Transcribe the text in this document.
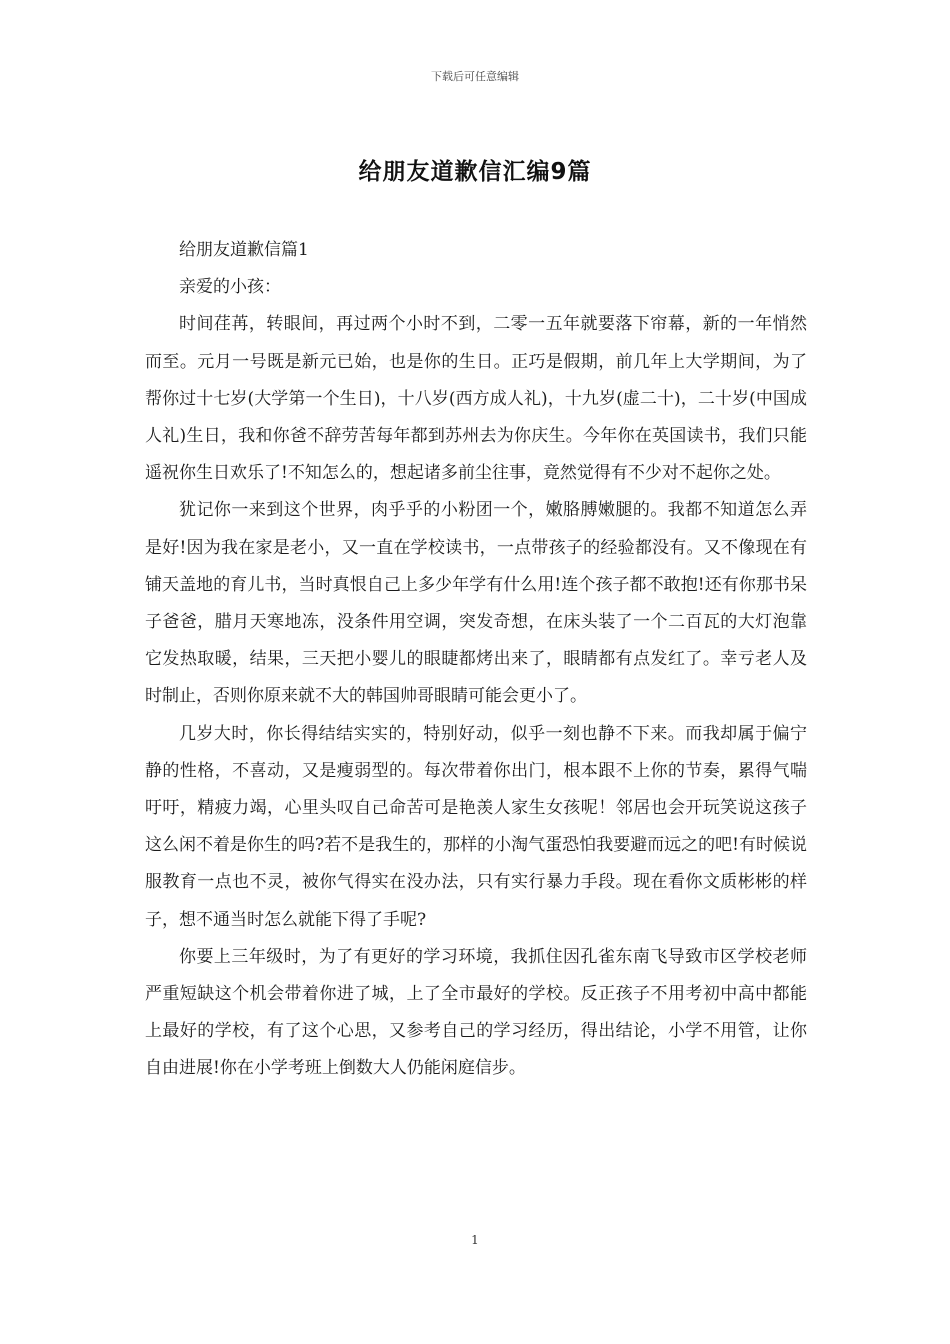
下载后可任意编辑
给朋友道歉信汇编9篇

给朋友道歉信篇1

亲爱的小孩：

时间荏苒，转眼间，再过两个小时不到，二零一五年就要落下帘幕，新的一年悄然而至。元月一号既是新元已始，也是你的生日。正巧是假期，前几年上大学期间，为了帮你过十七岁(大学第一个生日)，十八岁(西方成人礼)，十九岁(虚二十)，二十岁(中国成人礼)生日，我和你爸不辞劳苦每年都到苏州去为你庆生。今年你在英国读书，我们只能遥祝你生日欢乐了!不知怎么的，想起诸多前尘往事，竟然觉得有不少对不起你之处。

犹记你一来到这个世界，肉乎乎的小粉团一个，嫩胳膊嫩腿的。我都不知道怎么弄是好!因为我在家是老小，又一直在学校读书，一点带孩子的经验都没有。又不像现在有铺天盖地的育儿书，当时真恨自己上多少年学有什么用!连个孩子都不敢抱!还有你那书呆子爸爸，腊月天寒地冻，没条件用空调，突发奇想，在床头装了一个二百瓦的大灯泡靠它发热取暖，结果，三天把小婴儿的眼睫都烤出来了，眼睛都有点发红了。幸亏老人及时制止，否则你原来就不大的韩国帅哥眼睛可能会更小了。

几岁大时，你长得结结实实的，特别好动，似乎一刻也静不下来。而我却属于偏宁静的性格，不喜动，又是瘦弱型的。每次带着你出门，根本跟不上你的节奏，累得气喘吁吁，精疲力竭，心里头叹自己命苦可是艳羡人家生女孩呢！邻居也会开玩笑说这孩子这么闲不着是你生的吗?若不是我生的，那样的小淘气蛋恐怕我要避而远之的吧!有时候说服教育一点也不灵，被你气得实在没办法，只有实行暴力手段。现在看你文质彬彬的样子，想不通当时怎么就能下得了手呢?

你要上三年级时，为了有更好的学习环境，我抓住因孔雀东南飞导致市区学校老师严重短缺这个机会带着你进了城，上了全市最好的学校。反正孩子不用考初中高中都能上最好的学校，有了这个心思，又参考自己的学习经历，得出结论，小学不用管，让你自由进展!你在小学考班上倒数大人仍能闲庭信步。

1
